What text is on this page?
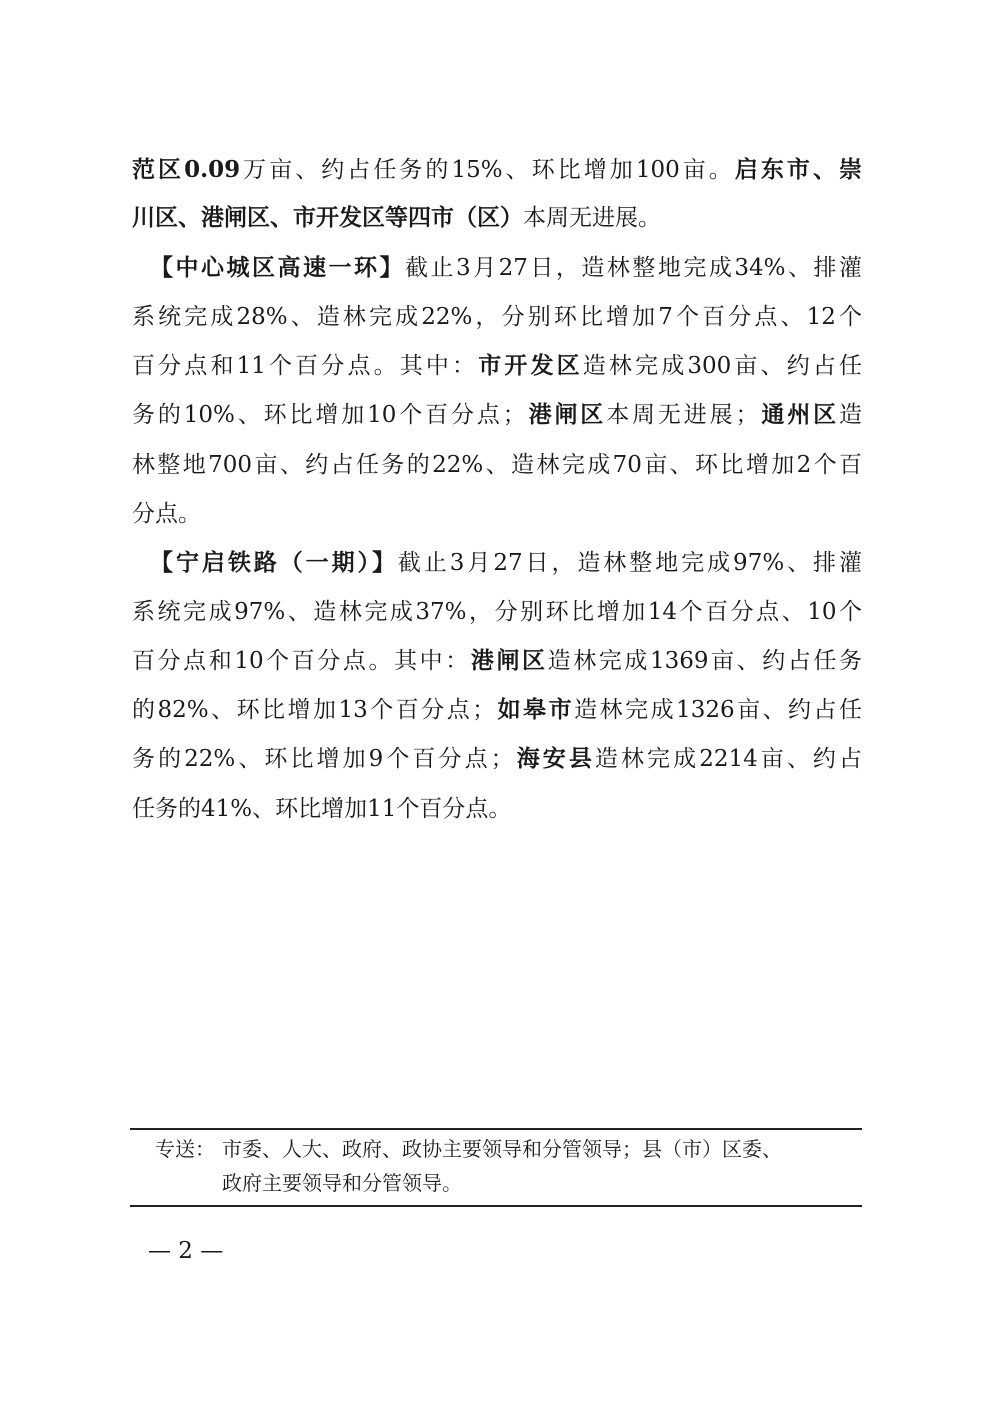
范区0.09万亩、约占任务的15%、环比增加100亩。启东市、崇
川区、港闸区、市开发区等四市（区）本周无进展。
【中心城区高速一环】截止3月27日，造林整地完成34%、排灌
系统完成28%、造林完成22%，分别环比增加7个百分点、12个
百分点和11个百分点。其中：市开发区造林完成300亩、约占任
务的10%、环比增加10个百分点；港闸区本周无进展；通州区造
林整地700亩、约占任务的22%、造林完成70亩、环比增加2个百
分点。
【宁启铁路（一期）】截止3月27日，造林整地完成97%、排灌
系统完成97%、造林完成37%，分别环比增加14个百分点、10个
百分点和10个百分点。其中：港闸区造林完成1369亩、约占任务
的82%、环比增加13个百分点；如皋市造林完成1326亩、约占任
务的22%、环比增加9个百分点；海安县造林完成2214亩、约占
任务的41%、环比增加11个百分点。
专送： 市委、人大、政府、政协主要领导和分管领导；县（市）区委、
政府主要领导和分管领导。
— 2 —
